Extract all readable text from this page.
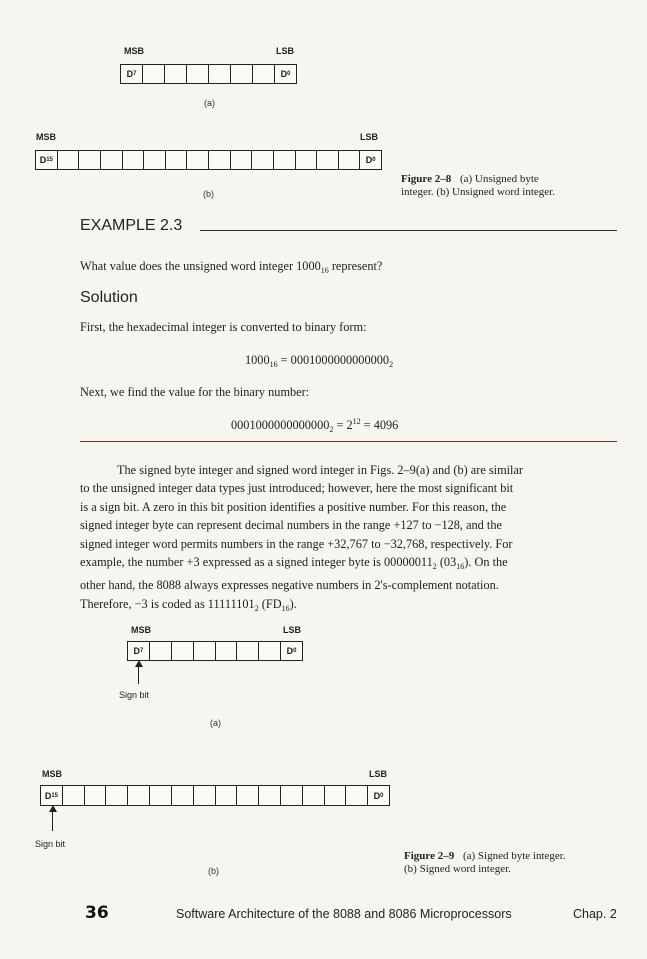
MSB	LSB
D 7	D 0
(a)
MSB	LSB
D 15	D 0
(b)
Figure 2–8 (a) Unsigned byte
integer. (b) Unsigned word integer.
EXAMPLE 2.3
What value does the unsigned word integer $1000_{16}$ represent?
Solution
First, the hexadecimal integer is converted to binary form:
$1000_{16} = 0001000000000000_2$
Next, we find the value for the binary number:
$0001000000000000_2 = 2^{12} = 4096$
The signed byte integer and signed word integer in Figs. 2–9(a) and (b) are similar
to the unsigned integer data types just introduced; however, here the most significant bit
is a sign bit. A zero in this bit position identifies a positive number. For this reason, the
signed integer byte can represent decimal numbers in the range +127 to −128, and the
signed integer word permits numbers in the range +32,767 to −32,768, respectively. For
example, the number +3 expressed as a signed integer byte is $00000011_2$ $(03_{16})$. On the
other hand, the 8088 always expresses negative numbers in 2's-complement notation.
Therefore, −3 is coded as $11111101_2$ $(FD_{16})$.
MSB	LSB
D 7	D 0
Sign bit
(a)
MSB	LSB
D 15	D 0
Sign bit
(b)
Figure 2–9 (a) Signed byte integer.
(b) Signed word integer.
36	Software Architecture of the 8088 and 8086 Microprocessors	Chap. 2
